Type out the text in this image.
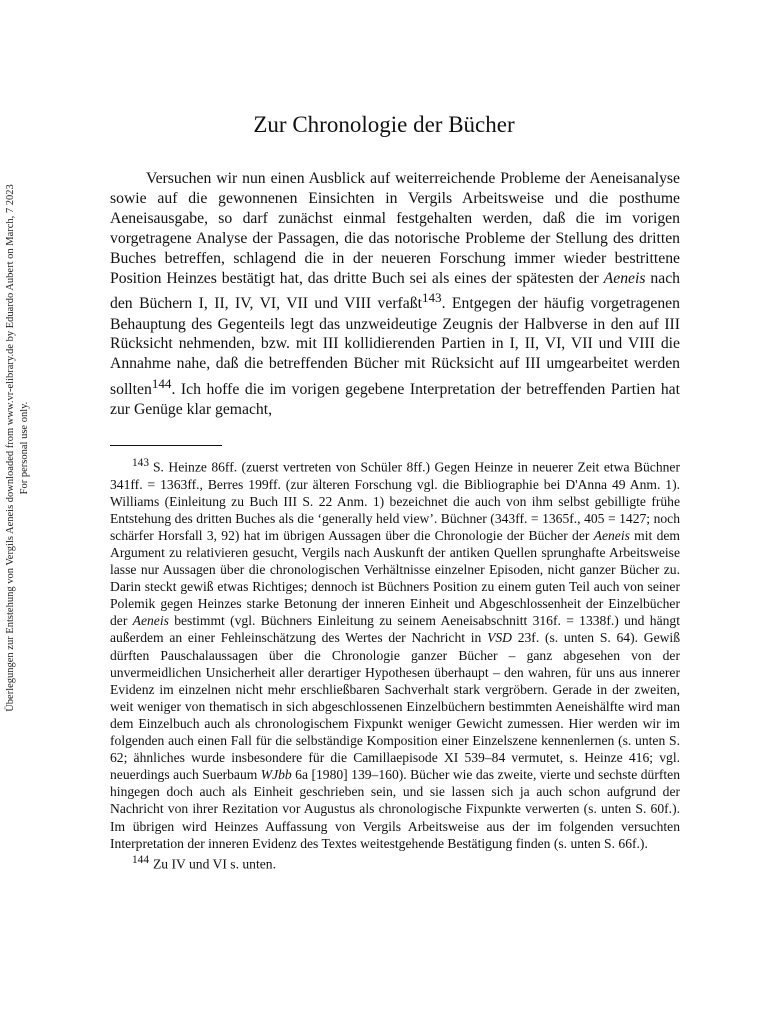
Überlegungen zur Entstehung von Vergils Aeneis downloaded from www.vr-elibrary.de by Eduardo Aubert on March, 7 2023 For personal use only.
Zur Chronologie der Bücher

Versuchen wir nun einen Ausblick auf weiterreichende Probleme der Aeneisanalyse sowie auf die gewonnenen Einsichten in Vergils Arbeitsweise und die posthume Aeneisausgabe, so darf zunächst einmal festgehalten werden, daß die im vorigen vorgetragene Analyse der Passagen, die das notorische Probleme der Stellung des dritten Buches betreffen, schlagend die in der neueren Forschung immer wieder bestrittene Position Heinzes bestätigt hat, das dritte Buch sei als eines der spätesten der Aeneis nach den Büchern I, II, IV, VI, VII und VIII verfaßt$^{143}$. Entgegen der häufig vorgetragenen Behauptung des Gegenteils legt das unzweideutige Zeugnis der Halbverse in den auf III Rücksicht nehmenden, bzw. mit III kollidierenden Partien in I, II, VI, VII und VIII die Annahme nahe, daß die betreffenden Bücher mit Rücksicht auf III umgearbeitet werden sollten$^{144}$. Ich hoffe die im vorigen gegebene Interpretation der betreffenden Partien hat zur Genüge klar gemacht,

$^{143}$ S. Heinze 86ff. (zuerst vertreten von Schüler 8ff.) Gegen Heinze in neuerer Zeit etwa Büchner 341ff. = 1363ff., Berres 199ff. (zur älteren Forschung vgl. die Bibliographie bei D'Anna 49 Anm. 1). Williams (Einleitung zu Buch III S. 22 Anm. 1) bezeichnet die auch von ihm selbst gebilligte frühe Entstehung des dritten Buches als die ‘generally held view’. Büchner (343ff. = 1365f., 405 = 1427; noch schärfer Horsfall 3, 92) hat im übrigen Aussagen über die Chronologie der Bücher der Aeneis mit dem Argument zu relativieren gesucht, Vergils nach Auskunft der antiken Quellen sprunghafte Arbeitsweise lasse nur Aussagen über die chronologischen Verhältnisse einzelner Episoden, nicht ganzer Bücher zu. Darin steckt gewiß etwas Richtiges; dennoch ist Büchners Position zu einem guten Teil auch von seiner Polemik gegen Heinzes starke Betonung der inneren Einheit und Abgeschlossenheit der Einzelbücher der Aeneis bestimmt (vgl. Büchners Einleitung zu seinem Aeneisabschnitt 316f. = 1338f.) und hängt außerdem an einer Fehleinschätzung des Wertes der Nachricht in VSD 23f. (s. unten S. 64). Gewiß dürften Pauschalaussagen über die Chronologie ganzer Bücher – ganz abgesehen von der unvermeidlichen Unsicherheit aller derartiger Hypothesen überhaupt – den wahren, für uns aus innerer Evidenz im einzelnen nicht mehr erschließbaren Sachverhalt stark vergröbern. Gerade in der zweiten, weit weniger von thematisch in sich abgeschlossenen Einzelbüchern bestimmten Aeneishälfte wird man dem Einzelbuch auch als chronologischem Fixpunkt weniger Gewicht zumessen. Hier werden wir im folgenden auch einen Fall für die selbständige Komposition einer Einzelszene kennenlernen (s. unten S. 62; ähnliches wurde insbesondere für die Camillaepisode XI 539–84 vermutet, s. Heinze 416; vgl. neuerdings auch Suerbaum WJbb 6a [1980] 139–160). Bücher wie das zweite, vierte und sechste dürften hingegen doch auch als Einheit geschrieben sein, und sie lassen sich ja auch schon aufgrund der Nachricht von ihrer Rezitation vor Augustus als chronologische Fixpunkte verwerten (s. unten S. 60f.). Im übrigen wird Heinzes Auffassung von Vergils Arbeitsweise aus der im folgenden versuchten Interpretation der inneren Evidenz des Textes weitestgehende Bestätigung finden (s. unten S. 66f.).

$^{144}$ Zu IV und VI s. unten.
